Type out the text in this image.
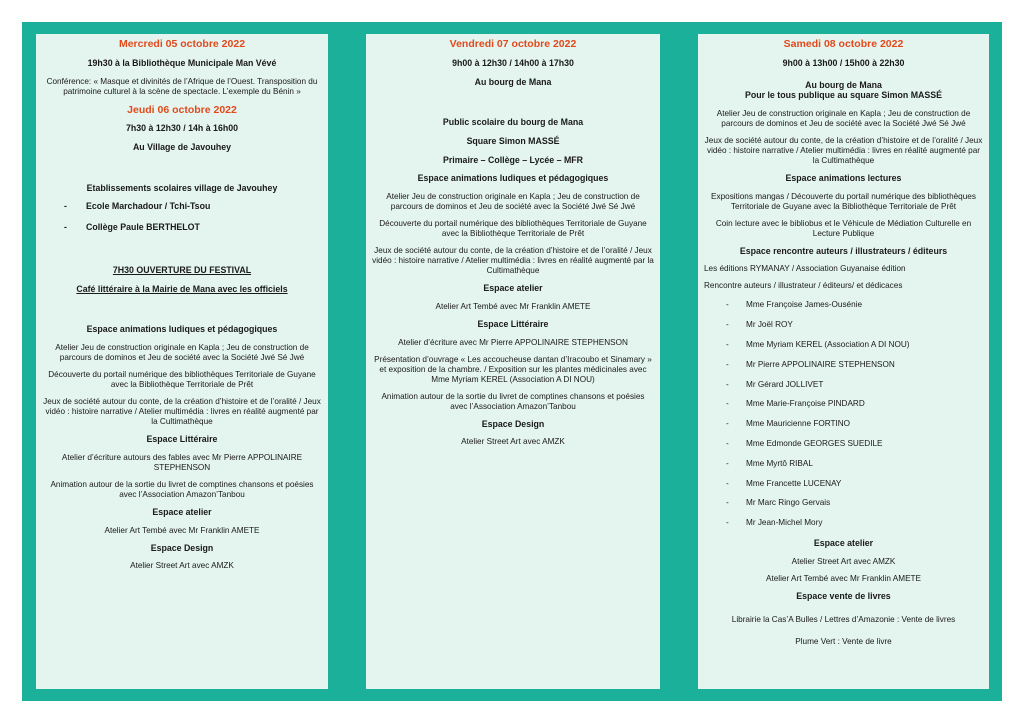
Mercredi 05 octobre 2022
19h30 à la Bibliothèque Municipale Man Vévé
Conférence: « Masque et divinités de l’Afrique de l’Ouest. Transposition du patrimoine culturel à la scène de spectacle. L’exemple du Bénin »
Jeudi 06 octobre 2022
7h30 à 12h30 / 14h à 16h00
Au Village de Javouhey
Etablissements scolaires village de Javouhey
- Ecole Marchadour / Tchi-Tsou
- Collège Paule BERTHELOT
7H30 OUVERTURE DU FESTIVAL
Café littéraire à la Mairie de Mana avec les officiels
Espace animations ludiques et pédagogiques
Atelier Jeu de construction originale en Kapla ; Jeu de construction de parcours de dominos et Jeu de société avec la Société Jwé Sé Jwé
Découverte du portail numérique des bibliothèques Territoriale de Guyane avec la Bibliothèque Territoriale de Prêt
Jeux de société autour du conte, de la création d’histoire et de l’oralité / Jeux vidéo : histoire narrative / Atelier multimédia : livres en réalité augmenté par la Cultimathèque
Espace Littéraire
Atelier d’écriture autours des fables avec Mr Pierre APPOLINAIRE STEPHENSON
Animation autour de la sortie du livret de comptines chansons et poésies avec l’Association Amazon’Tanbou
Espace atelier
Atelier Art Tembé avec Mr Franklin AMETE
Espace Design
Atelier Street Art avec AMZK
Vendredi 07 octobre 2022
9h00 à 12h30 / 14h00 à 17h30
Au bourg de Mana
Public scolaire du bourg de Mana
Square Simon MASSÉ
Primaire – Collège – Lycée – MFR
Espace animations ludiques et pédagogiques
Atelier Jeu de construction originale en Kapla ; Jeu de construction de parcours de dominos et Jeu de société avec la Société Jwé Sé Jwé
Découverte du portail numérique des bibliothèques Territoriale de Guyane avec la Bibliothèque Territoriale de Prêt
Jeux de société autour du conte, de la création d’histoire et de l’oralité / Jeux vidéo : histoire narrative / Atelier multimédia : livres en réalité augmenté par la Cultimathèque
Espace atelier
Atelier Art Tembé avec Mr Franklin AMETE
Espace Littéraire
Atelier d’écriture avec Mr Pierre APPOLINAIRE STEPHENSON
Présentation d’ouvrage « Les accoucheuse dantan d’Iracoubo et Sinamary » et exposition de la chambre. / Exposition sur les plantes médicinales avec Mme Myriam KEREL (Association A DI NOU)
Animation autour de la sortie du livret de comptines chansons et poésies avec l’Association Amazon’Tanbou
Espace Design
Atelier Street Art avec AMZK
Samedi 08 octobre 2022
9h00 à 13h00 / 15h00 à 22h30
Au bourg de Mana
Pour le tous publique au square Simon MASSÉ
Atelier Jeu de construction originale en Kapla ; Jeu de construction de parcours de dominos et Jeu de société avec la Société Jwé Sé Jwé
Jeux de société autour du conte, de la création d’histoire et de l’oralité / Jeux vidéo : histoire narrative / Atelier multimédia : livres en réalité augmenté par la Cultimathèque
Espace animations lectures
Expositions mangas / Découverte du portail numérique des bibliothèques Territoriale de Guyane avec la Bibliothèque Territoriale de Prêt
Coin lecture avec le bibliobus et le Véhicule de Médiation Culturelle en Lecture Publique
Espace rencontre auteurs / illustrateurs / éditeurs
Les éditions RYMANAY / Association Guyanaise édition
Rencontre auteurs / illustrateur / éditeurs/ et dédicaces
- Mme Françoise James-Ousénie
- Mr Joël ROY
- Mme Myriam KEREL (Association A DI NOU)
- Mr Pierre APPOLINAIRE STEPHENSON
- Mr Gérard JOLLIVET
- Mme Marie-Françoise PINDARD
- Mme Mauricienne FORTINO
- Mme Edmonde GEORGES SUEDILE
- Mme Myrtô RIBAL
- Mme Francette LUCENAY
- Mr Marc Ringo Gervais
- Mr Jean-Michel Mory
Espace atelier
Atelier Street Art avec AMZK
Atelier Art Tembé avec Mr Franklin AMETE
Espace vente de livres
Librairie la Cas’A Bulles / Lettres d’Amazonie : Vente de livres
Plume Vert : Vente de livre
